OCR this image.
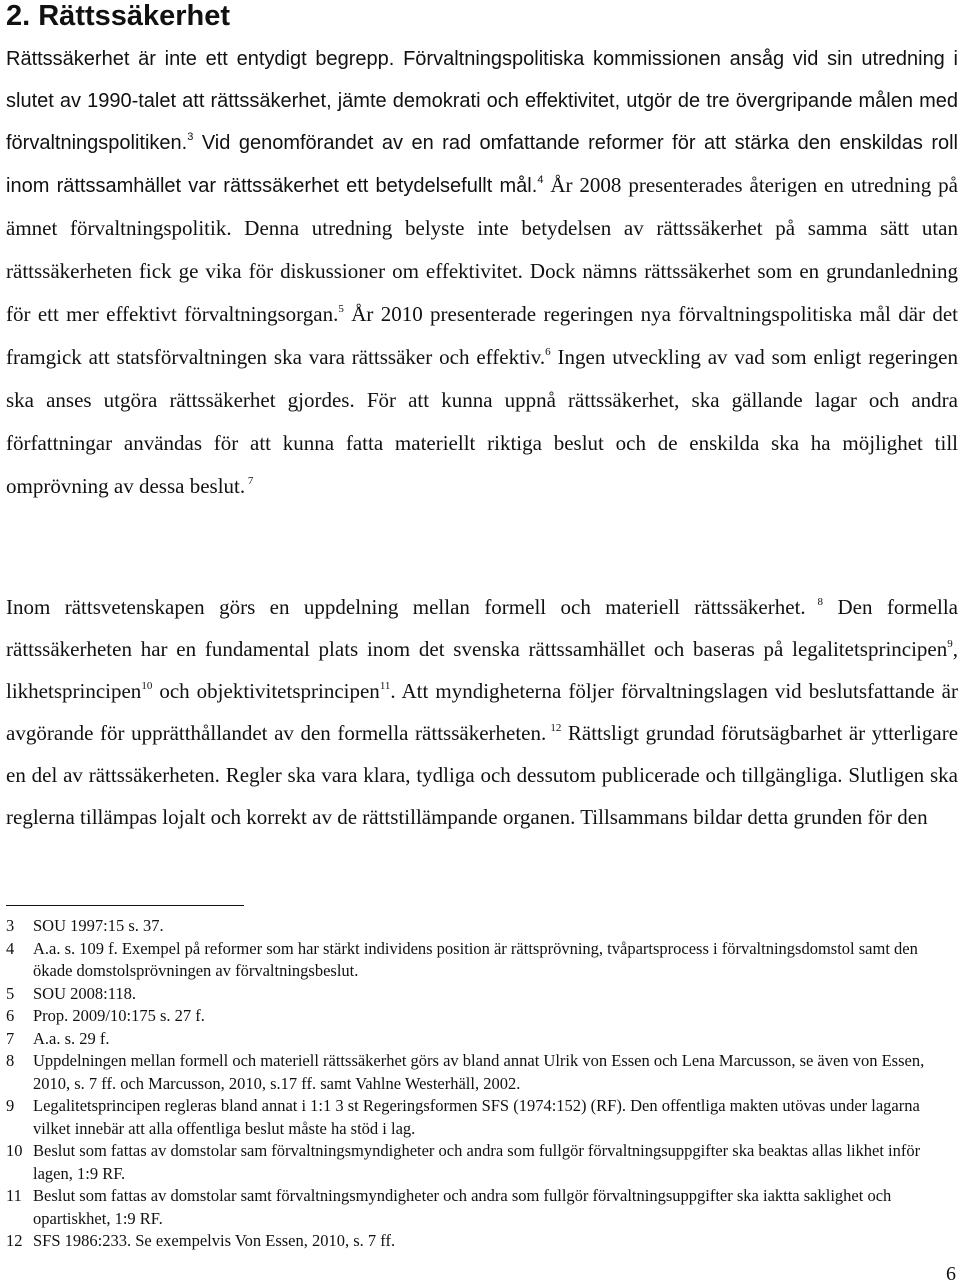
2. Rättssäkerhet

Rättssäkerhet är inte ett entydigt begrepp. Förvaltningspolitiska kommissionen ansåg vid sin utredning i slutet av 1990-talet att rättssäkerhet, jämte demokrati och effektivitet, utgör de tre övergripande målen med förvaltningspolitiken.$^3$ Vid genomförandet av en rad omfattande reformer för att stärka den enskildas roll inom rättssamhället var rättssäkerhet ett betydelsefullt mål.$^4$ År 2008 presenterades återigen en utredning på ämnet förvaltningspolitik. Denna utredning belyste inte betydelsen av rättssäkerhet på samma sätt utan rättssäkerheten fick ge vika för diskussioner om effektivitet. Dock nämns rättssäkerhet som en grundanledning för ett mer effektivt förvaltningsorgan.$^5$ År 2010 presenterade regeringen nya förvaltningspolitiska mål där det framgick att statsförvaltningen ska vara rättssäker och effektiv.$^6$ Ingen utveckling av vad som enligt regeringen ska anses utgöra rättssäkerhet gjordes. För att kunna uppnå rättssäkerhet, ska gällande lagar och andra författningar användas för att kunna fatta materiellt riktiga beslut och de enskilda ska ha möjlighet till omprövning av dessa beslut. $^7$

Inom rättsvetenskapen görs en uppdelning mellan formell och materiell rättssäkerhet. $^8$ Den formella rättssäkerheten har en fundamental plats inom det svenska rättssamhället och baseras på legalitetsprincipen$^9$, likhetsprincipen$^{10}$ och objektivitetsprincipen$^{11}$. Att myndigheterna följer förvaltningslagen vid beslutsfattande är avgörande för upprätthållandet av den formella rättssäkerheten. $^{12}$ Rättsligt grundad förutsägbarhet är ytterligare en del av rättssäkerheten. Regler ska vara klara, tydliga och dessutom publicerade och tillgängliga. Slutligen ska reglerna tillämpas lojalt och korrekt av de rättstillämpande organen. Tillsammans bildar detta grunden för den

3 SOU 1997:15 s. 37.
4 A.a. s. 109 f. Exempel på reformer som har stärkt individens position är rättsprövning, tvåpartsprocess i förvaltningsdomstol samt den ökade domstolsprövningen av förvaltningsbeslut.
5 SOU 2008:118.
6 Prop. 2009/10:175 s. 27 f.
7 A.a. s. 29 f.
8 Uppdelningen mellan formell och materiell rättssäkerhet görs av bland annat Ulrik von Essen och Lena Marcusson, se även von Essen, 2010, s. 7 ff. och Marcusson, 2010, s.17 ff. samt Vahlne Westerhäll, 2002.
9 Legalitetsprincipen regleras bland annat i 1:1 3 st Regeringsformen SFS (1974:152) (RF). Den offentliga makten utövas under lagarna vilket innebär att alla offentliga beslut måste ha stöd i lag.
10 Beslut som fattas av domstolar sam förvaltningsmyndigheter och andra som fullgör förvaltningsuppgifter ska beaktas allas likhet inför lagen, 1:9 RF.
11 Beslut som fattas av domstolar samt förvaltningsmyndigheter och andra som fullgör förvaltningsuppgifter ska iaktta saklighet och opartiskhet, 1:9 RF.
12 SFS 1986:233. Se exempelvis Von Essen, 2010, s. 7 ff.
6
